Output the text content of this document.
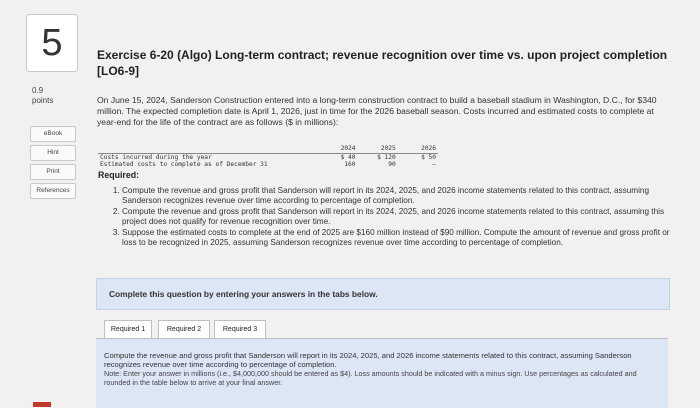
5
0.9
points
eBook
Hint
Print
References
Exercise 6-20 (Algo) Long-term contract; revenue recognition over time vs. upon project completion [LO6-9]
On June 15, 2024, Sanderson Construction entered into a long-term construction contract to build a baseball stadium in Washington, D.C., for $340 million. The expected completion date is April 1, 2026, just in time for the 2026 baseball season. Costs incurred and estimated costs to complete at year-end for the life of the contract are as follows ($ in millions):
	2024	2025	2026
Costs incurred during the year	$ 40	$ 120	$ 50
Estimated costs to complete as of December 31	160	90	–
Required:
1. Compute the revenue and gross profit that Sanderson will report in its 2024, 2025, and 2026 income statements related to this contract, assuming Sanderson recognizes revenue over time according to percentage of completion.
2. Compute the revenue and gross profit that Sanderson will report in its 2024, 2025, and 2026 income statements related to this contract, assuming this project does not qualify for revenue recognition over time.
3. Suppose the estimated costs to complete at the end of 2025 are $160 million instead of $90 million. Compute the amount of revenue and gross profit or loss to be recognized in 2025, assuming Sanderson recognizes revenue over time according to percentage of completion.
Complete this question by entering your answers in the tabs below.
Required 1	Required 2	Required 3
Compute the revenue and gross profit that Sanderson will report in its 2024, 2025, and 2026 income statements related to this contract, assuming Sanderson recognizes revenue over time according to percentage of completion.
Note: Enter your answer in millions (i.e., $4,000,000 should be entered as $4). Loss amounts should be indicated with a minus sign. Use percentages as calculated and rounded in the table below to arrive at your final answer.
